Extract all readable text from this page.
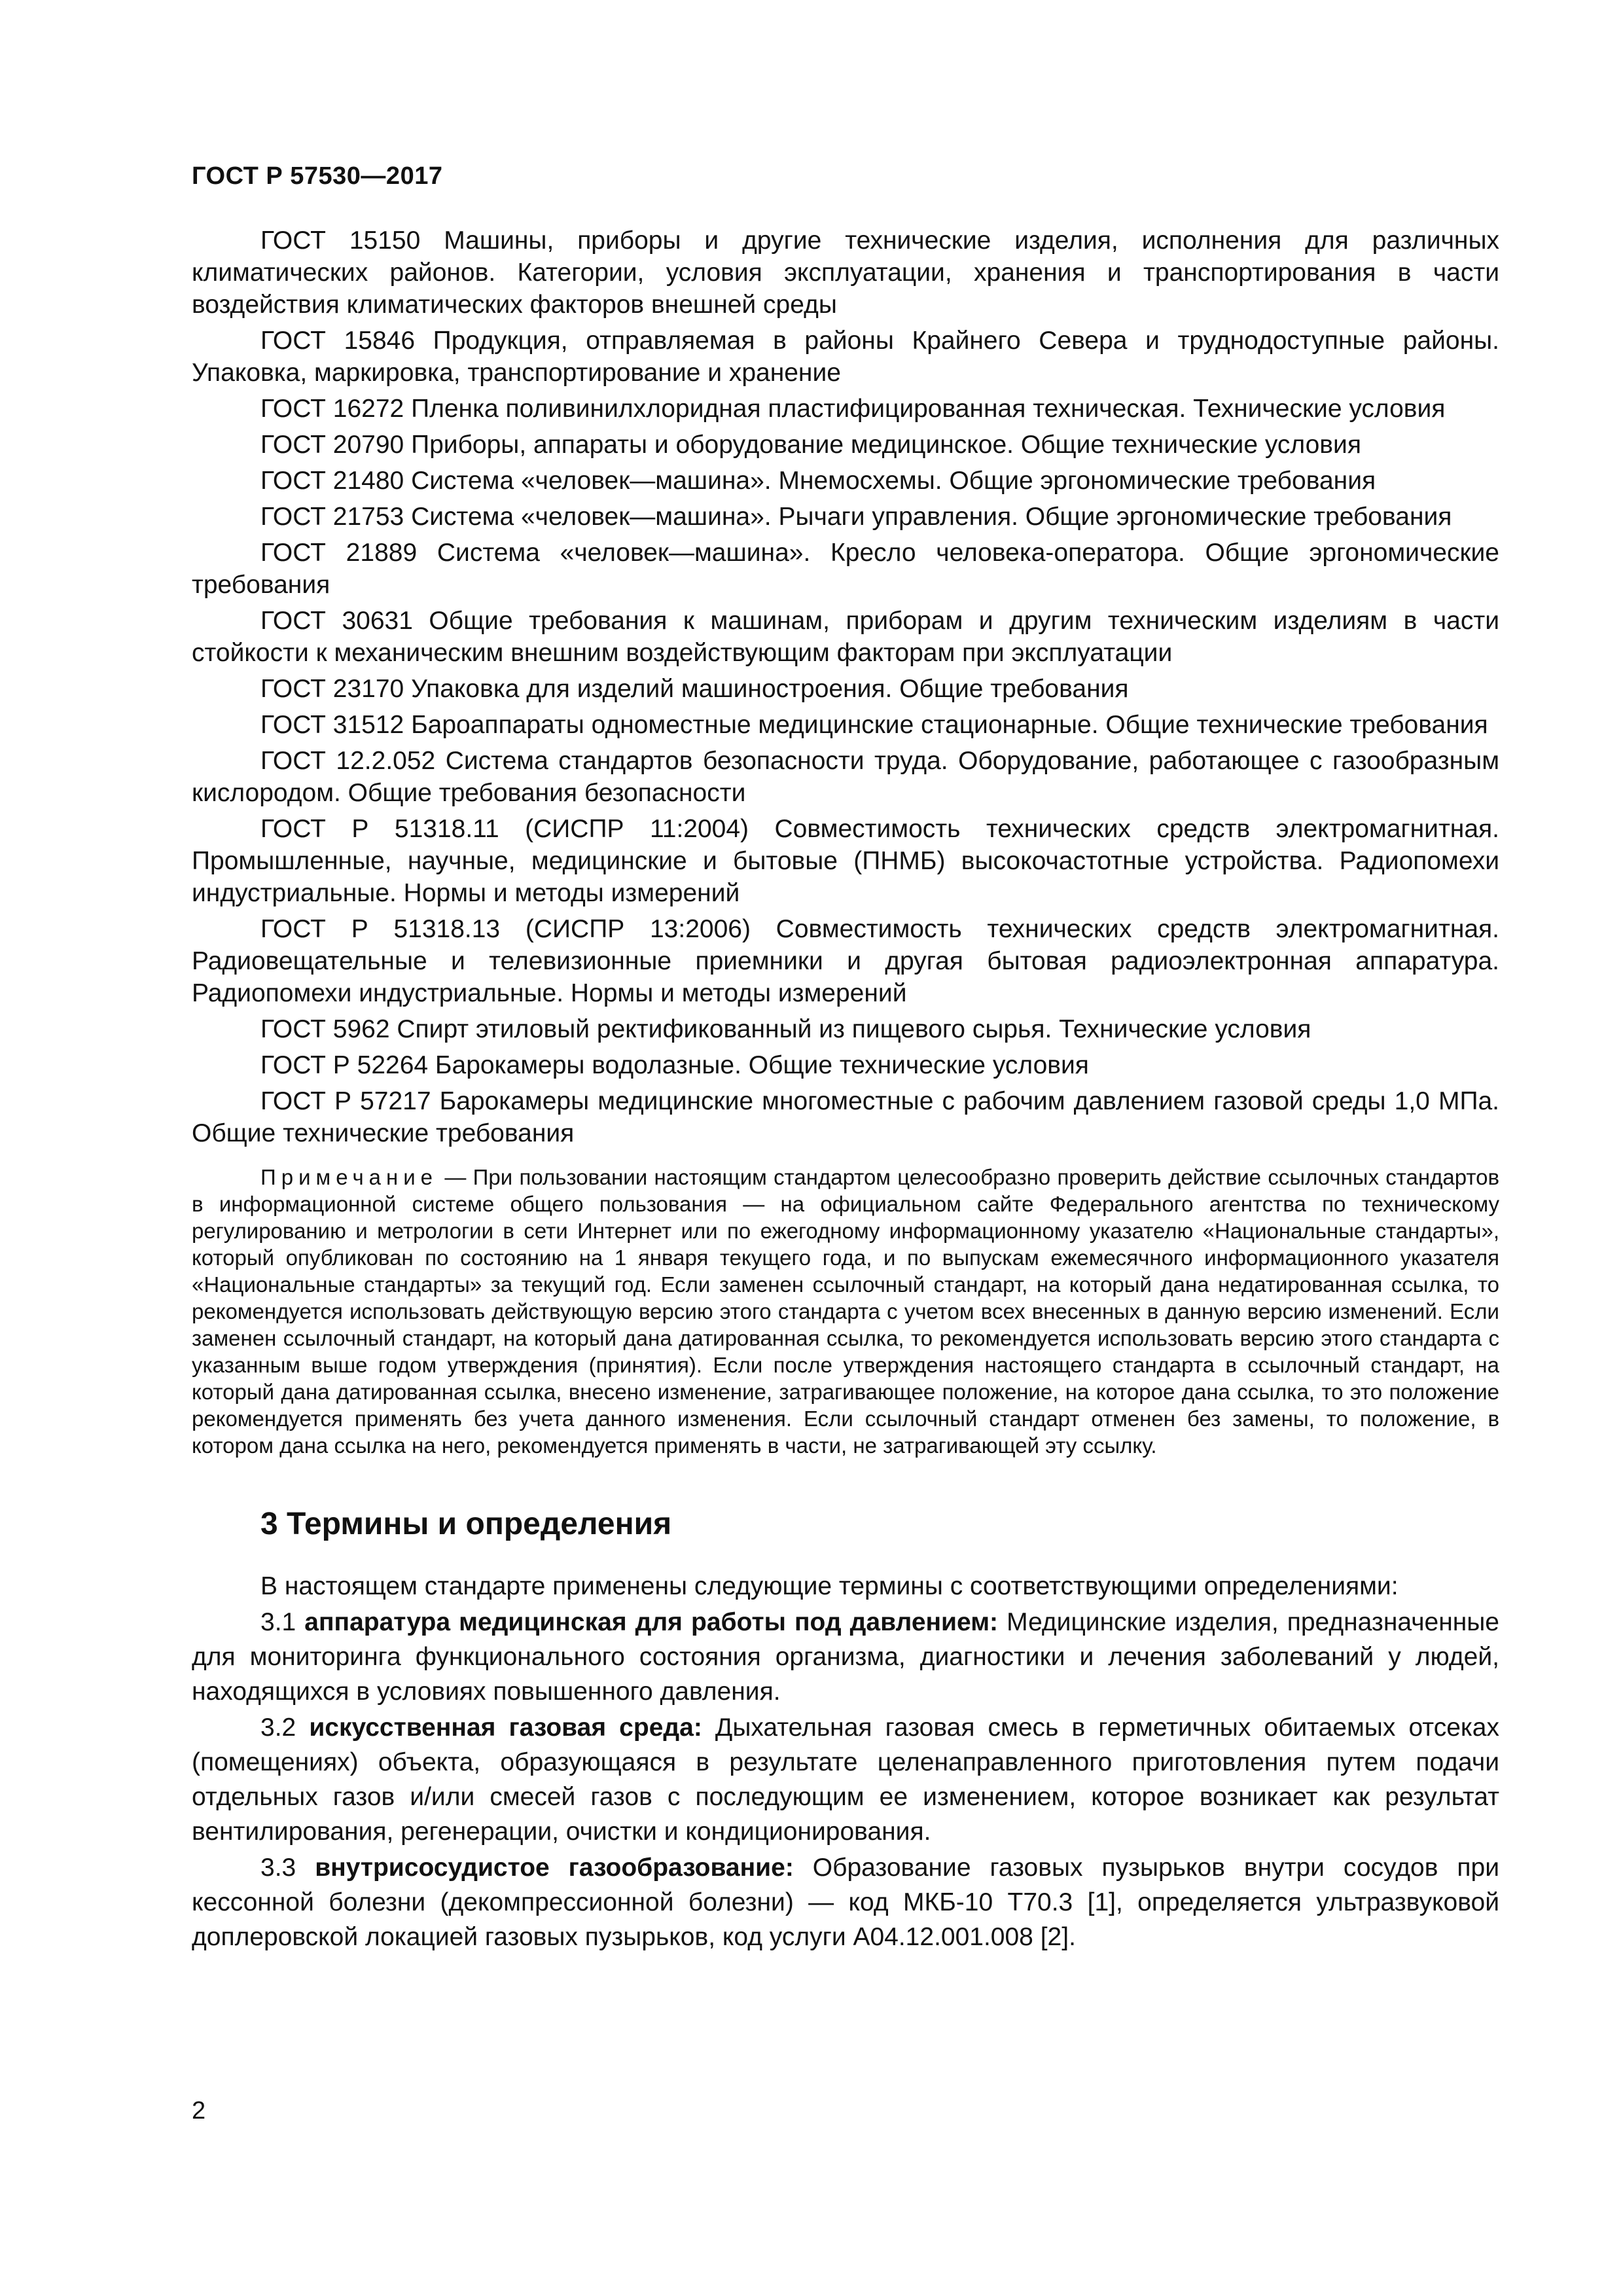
ГОСТ Р 57530—2017

ГОСТ 15150 Машины, приборы и другие технические изделия, исполнения для различных климатических районов. Категории, условия эксплуатации, хранения и транспортирования в части воздействия климатических факторов внешней среды

ГОСТ 15846 Продукция, отправляемая в районы Крайнего Севера и труднодоступные районы. Упаковка, маркировка, транспортирование и хранение

ГОСТ 16272 Пленка поливинилхлоридная пластифицированная техническая. Технические условия

ГОСТ 20790 Приборы, аппараты и оборудование медицинское. Общие технические условия

ГОСТ 21480 Система «человек—машина». Мнемосхемы. Общие эргономические требования

ГОСТ 21753 Система «человек—машина». Рычаги управления. Общие эргономические требования

ГОСТ 21889 Система «человек—машина». Кресло человека-оператора. Общие эргономические требования

ГОСТ 30631 Общие требования к машинам, приборам и другим техническим изделиям в части стойкости к механическим внешним воздействующим факторам при эксплуатации

ГОСТ 23170 Упаковка для изделий машиностроения. Общие требования

ГОСТ 31512 Бароаппараты одноместные медицинские стационарные. Общие технические требования

ГОСТ 12.2.052 Система стандартов безопасности труда. Оборудование, работающее с газообразным кислородом. Общие требования безопасности

ГОСТ Р 51318.11 (СИСПР 11:2004) Совместимость технических средств электромагнитная. Промышленные, научные, медицинские и бытовые (ПНМБ) высокочастотные устройства. Радиопомехи индустриальные. Нормы и методы измерений

ГОСТ Р 51318.13 (СИСПР 13:2006) Совместимость технических средств электромагнитная. Радиовещательные и телевизионные приемники и другая бытовая радиоэлектронная аппаратура. Радиопомехи индустриальные. Нормы и методы измерений

ГОСТ 5962 Спирт этиловый ректификованный из пищевого сырья. Технические условия

ГОСТ Р 52264 Барокамеры водолазные. Общие технические условия

ГОСТ Р 57217 Барокамеры медицинские многоместные с рабочим давлением газовой среды 1,0 МПа. Общие технические требования

Примечание — При пользовании настоящим стандартом целесообразно проверить действие ссылочных стандартов в информационной системе общего пользования — на официальном сайте Федерального агентства по техническому регулированию и метрологии в сети Интернет или по ежегодному информационному указателю «Национальные стандарты», который опубликован по состоянию на 1 января текущего года, и по выпускам ежемесячного информационного указателя «Национальные стандарты» за текущий год. Если заменен ссылочный стандарт, на который дана недатированная ссылка, то рекомендуется использовать действующую версию этого стандарта с учетом всех внесенных в данную версию изменений. Если заменен ссылочный стандарт, на который дана датированная ссылка, то рекомендуется использовать версию этого стандарта с указанным выше годом утверждения (принятия). Если после утверждения настоящего стандарта в ссылочный стандарт, на который дана датированная ссылка, внесено изменение, затрагивающее положение, на которое дана ссылка, то это положение рекомендуется применять без учета данного изменения. Если ссылочный стандарт отменен без замены, то положение, в котором дана ссылка на него, рекомендуется применять в части, не затрагивающей эту ссылку.

3 Термины и определения

В настоящем стандарте применены следующие термины с соответствующими определениями:

3.1 аппаратура медицинская для работы под давлением: Медицинские изделия, предназначенные для мониторинга функционального состояния организма, диагностики и лечения заболеваний у людей, находящихся в условиях повышенного давления.

3.2 искусственная газовая среда: Дыхательная газовая смесь в герметичных обитаемых отсеках (помещениях) объекта, образующаяся в результате целенаправленного приготовления путем подачи отдельных газов и/или смесей газов с последующим ее изменением, которое возникает как результат вентилирования, регенерации, очистки и кондиционирования.

3.3 внутрисосудистое газообразование: Образование газовых пузырьков внутри сосудов при кессонной болезни (декомпрессионной болезни) — код МКБ-10 Т70.3 [1], определяется ультразвуковой доплеровской локацией газовых пузырьков, код услуги А04.12.001.008 [2].

2
